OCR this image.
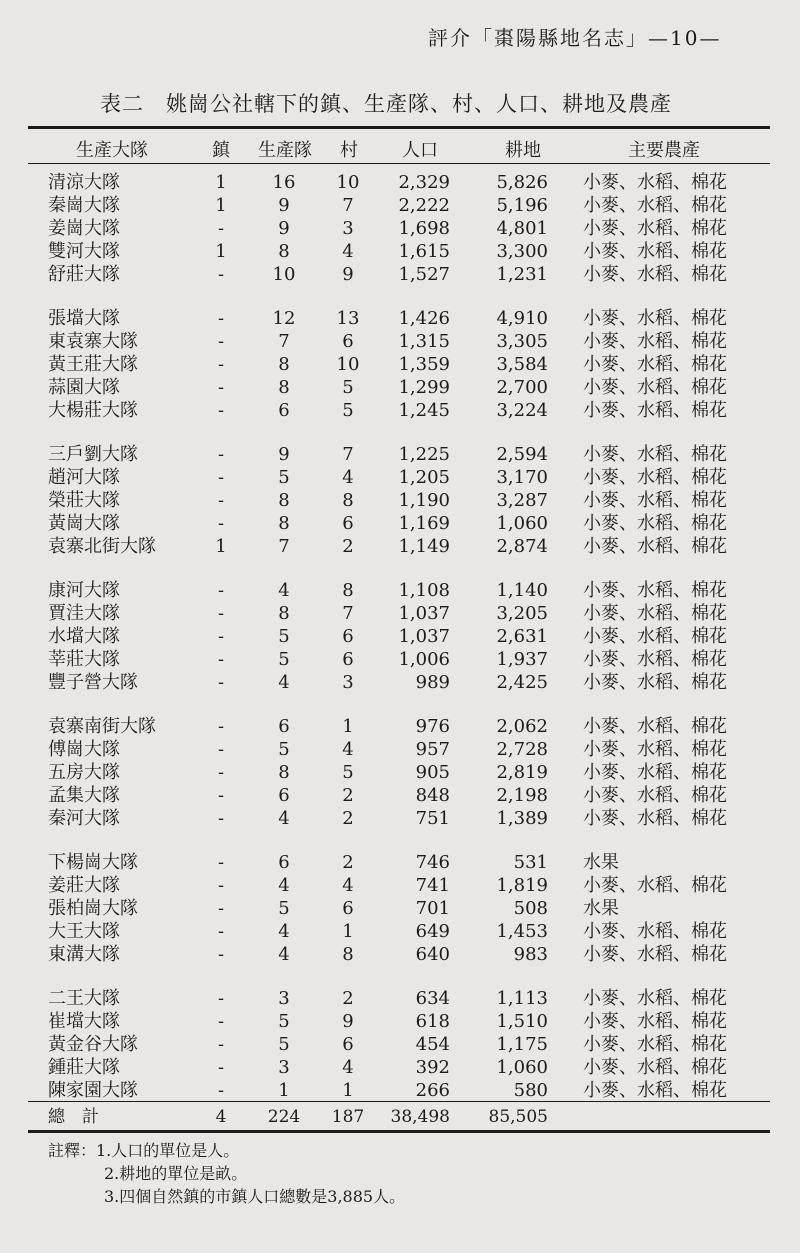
評介「棗陽縣地名志」—10—
表二　姚崗公社轄下的鎮、生產隊、村、人口、耕地及農產
生產大隊	鎮 生產隊 村 人口	耕地	主要農產
清涼大隊	1	16	10	2,329	5,826 小麥、水稻、棉花
秦崗大隊	1	9	7	2,222	5,196 小麥、水稻、棉花
姜崗大隊	-	9	3	1,698	4,801 小麥、水稻、棉花
雙河大隊	1	8	4	1,615	3,300 小麥、水稻、棉花
舒莊大隊	-	10	9	1,527	1,231 小麥、水稻、棉花
張壋大隊	-	12	13	1,426	4,910 小麥、水稻、棉花
東袁寨大隊	-	7	6	1,315	3,305 小麥、水稻、棉花
黃王莊大隊	-	8	10	1,359	3,584 小麥、水稻、棉花
蒜園大隊	-	8	5	1,299	2,700 小麥、水稻、棉花
大楊莊大隊	-	6	5	1,245	3,224 小麥、水稻、棉花
三戶劉大隊	-	9	7	1,225	2,594 小麥、水稻、棉花
趙河大隊	-	5	4	1,205	3,170 小麥、水稻、棉花
榮莊大隊	-	8	8	1,190	3,287 小麥、水稻、棉花
黃崗大隊	-	8	6	1,169	1,060 小麥、水稻、棉花
袁寨北街大隊	1	7	2	1,149	2,874 小麥、水稻、棉花
康河大隊	-	4	8	1,108	1,140 小麥、水稻、棉花
賈洼大隊	-	8	7	1,037	3,205 小麥、水稻、棉花
水壋大隊	-	5	6	1,037	2,631 小麥、水稻、棉花
莘莊大隊	-	5	6	1,006	1,937 小麥、水稻、棉花
豐子營大隊	-	4	3	989	2,425 小麥、水稻、棉花
袁寨南街大隊	-	6	1	976	2,062 小麥、水稻、棉花
傅崗大隊	-	5	4	957	2,728 小麥、水稻、棉花
五房大隊	-	8	5	905	2,819 小麥、水稻、棉花
孟集大隊	-	6	2	848	2,198 小麥、水稻、棉花
秦河大隊	-	4	2	751	1,389 小麥、水稻、棉花
下楊崗大隊	-	6	2	746	531 水果
姜莊大隊	-	4	4	741	1,819 小麥、水稻、棉花
張柏崗大隊	-	5	6	701	508 水果
大王大隊	-	4	1	649	1,453 小麥、水稻、棉花
東溝大隊	-	4	8	640	983 小麥、水稻、棉花
二王大隊	-	3	2	634	1,113 小麥、水稻、棉花
崔壋大隊	-	5	9	618	1,510 小麥、水稻、棉花
黃金谷大隊	-	5	6	454	1,175 小麥、水稻、棉花
鍾莊大隊	-	3	4	392	1,060 小麥、水稻、棉花
陳家園大隊	-	1	1	266	580 小麥、水稻、棉花
總　計	4	224	187	38,498 85,505
註釋：1.人口的單位是人。
2.耕地的單位是畝。
3.四個自然鎮的市鎮人口總數是3,885人。
